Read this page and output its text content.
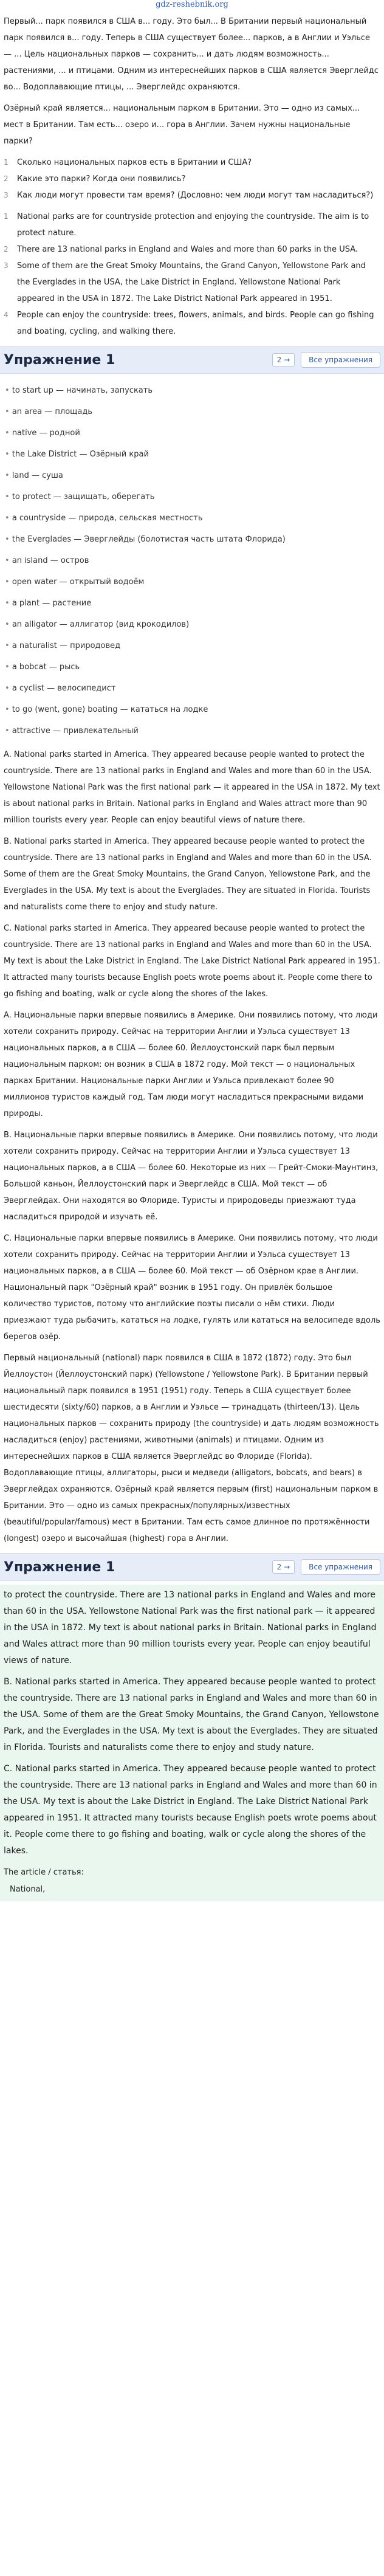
gdz-reshebnik.org

Первый... парк появился в США в... году. Это был... В Британии первый национальный парк появился в... году. Теперь в США существует более... парков, а в Англии и Уэльсе — ... Цель национальных парков — сохранить... и дать людям возможность... растениями, ... и птицами. Одним из интереснейших парков в США является Эверглейдс во... Водоплавающие птицы, ... Эверглейдс охраняются.

Озёрный край является... национальным парком в Британии. Это — одно из самых... мест в Британии. Там есть... озеро и... гора в Англии. Зачем нужны национальные парки?

1	Сколько национальных парков есть в Британии и США?
2	Какие это парки? Когда они появились?
3	Как люди могут провести там время? (Дословно: чем люди могут там насладиться?)
1	National parks are for countryside protection and enjoying the countryside. The aim is to protect nature.
2	There are 13 national parks in England and Wales and more than 60 parks in the USA.
3	Some of them are the Great Smoky Mountains, the Grand Canyon, Yellowstone Park and the Everglades in the USA, the Lake District in England. Yellowstone National Park appeared in the USA in 1872. The Lake District National Park appeared in 1951.
4	People can enjoy the countryside: trees, flowers, animals, and birds. People can go fishing and boating, cycling, and walking there.
Упражнение 1	2 →	Все упражнения
• to start up — начинать, запускать
• an area — площадь
• native — родной
• the Lake District — Озёрный край
• land — суша
• to protect — защищать, оберегать
• a countryside — природа, сельская местность
• the Everglades — Эверглейды (болотистая часть штата Флорида)
• an island — остров
• open water — открытый водоём
• a plant — растение
• an alligator — аллигатор (вид крокодилов)
• a naturalist — природовед
• a bobcat — рысь
• a cyclist — велосипедист
• to go (went, gone) boating — кататься на лодке
• attractive — привлекательный

A. National parks started in America. They appeared because people wanted to protect the countryside. There are 13 national parks in England and Wales and more than 60 in the USA. Yellowstone National Park was the first national park — it appeared in the USA in 1872. My text is about national parks in Britain. National parks in England and Wales attract more than 90 million tourists every year. People can enjoy beautiful views of nature there.

B. National parks started in America. They appeared because people wanted to protect the countryside. There are 13 national parks in England and Wales and more than 60 in the USA. Some of them are the Great Smoky Mountains, the Grand Canyon, Yellowstone Park, and the Everglades in the USA. My text is about the Everglades. They are situated in Florida. Tourists and naturalists come there to enjoy and study nature.

C. National parks started in America. They appeared because people wanted to protect the countryside. There are 13 national parks in England and Wales and more than 60 in the USA. My text is about the Lake District in England. The Lake District National Park appeared in 1951. It attracted many tourists because English poets wrote poems about it. People come there to go fishing and boating, walk or cycle along the shores of the lakes.

A. Национальные парки впервые появились в Америке. Они появились потому, что люди хотели сохранить природу. Сейчас на территории Англии и Уэльса существует 13 национальных парков, а в США — более 60. Йеллоустонский парк был первым национальным парком: он возник в США в 1872 году. Мой текст — о национальных парках Британии. Национальные парки Англии и Уэльса привлекают более 90 миллионов туристов каждый год. Там люди могут насладиться прекрасными видами природы.

B. Национальные парки впервые появились в Америке. Они появились потому, что люди хотели сохранить природу. Сейчас на территории Англии и Уэльса существует 13 национальных парков, а в США — более 60. Некоторые из них — Грейт-Смоки-Маунтинз, Большой каньон, Йеллоустонский парк и Эверглейдс в США. Мой текст — об Эверглейдах. Они находятся во Флориде. Туристы и природоведы приезжают туда насладиться природой и изучать её.

C. Национальные парки впервые появились в Америке. Они появились потому, что люди хотели сохранить природу. Сейчас на территории Англии и Уэльса существует 13 национальных парков, а в США — более 60. Мой текст — об Озёрном крае в Англии. Национальный парк "Озёрный край" возник в 1951 году. Он привлёк большое количество туристов, потому что английские поэты писали о нём стихи. Люди приезжают туда рыбачить, кататься на лодке, гулять или кататься на велосипеде вдоль берегов озёр.

Первый национальный (national) парк появился в США в 1872 (1872) году. Это был Йеллоустон (Йеллоустонский парк) (Yellowstone / Yellowstone Park). В Британии первый национальный парк появился в 1951 (1951) году. Теперь в США существует более шестидесяти (sixty/60) парков, а в Англии и Уэльсе — тринадцать (thirteen/13). Цель национальных парков — сохранить природу (the countryside) и дать людям возможность насладиться (enjoy) растениями, животными (animals) и птицами. Одним из интереснейших парков в США является Эверглейдс во Флориде (Florida). Водоплавающие птицы, аллигаторы, рыси и медведи (alligators, bobcats, and bears) в Эверглейдах охраняются. Озёрный край является первым (first) национальным парком в Британии. Это — одно из самых прекрасных/популярных/известных (beautiful/popular/famous) мест в Британии. Там есть самое длинное по протяжённости (longest) озеро и высочайшая (highest) гора в Англии.

Упражнение 1	2 →	Все упражнения

to protect the countryside. There are 13 national parks in England and Wales and more than 60 in the USA. Yellowstone National Park was the first national park — it appeared in the USA in 1872. My text is about national parks in Britain. National parks in England and Wales attract more than 90 million tourists every year. People can enjoy beautiful views of nature.

B. National parks started in America. They appeared because people wanted to protect the countryside. There are 13 national parks in England and Wales and more than 60 in the USA. Some of them are the Great Smoky Mountains, the Grand Canyon, Yellowstone Park, and the Everglades in the USA. My text is about the Everglades. They are situated in Florida. Tourists and naturalists come there to enjoy and study nature.

C. National parks started in America. They appeared because people wanted to protect the countryside. There are 13 national parks in England and Wales and more than 60 in the USA. My text is about the Lake District in England. The Lake District National Park appeared in 1951. It attracted many tourists because English poets wrote poems about it. People come there to go fishing and boating, walk or cycle along the shores of the lakes.

The article / статья:
National,
